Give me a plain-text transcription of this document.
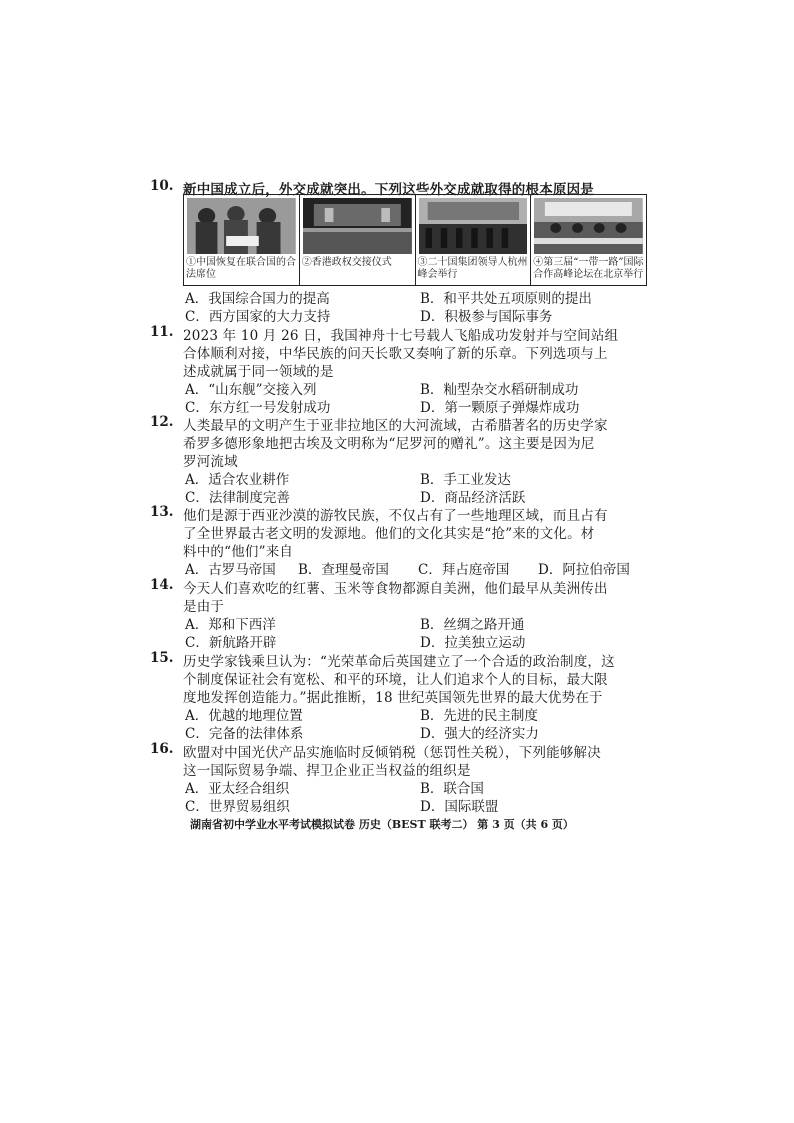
10. 新中国成立后，外交成就突出。下列这些外交成就取得的根本原因是
①中国恢复在联合国的合法席位
②香港政权交接仪式	③二十国集团领导人杭州峰会举行
④第三届“一带一路”国际合作高峰论坛在北京举行
A．我国综合国力的提高	B．和平共处五项原则的提出
C．西方国家的大力支持	D．积极参与国际事务
11. 2023 年 10 月 26 日，我国神舟十七号载人飞船成功发射并与空间站组
合体顺利对接，中华民族的问天长歌又奏响了新的乐章。下列选项与上
述成就属于同一领域的是
A．“山东舰”交接入列	B．籼型杂交水稻研制成功
C．东方红一号发射成功	D．第一颗原子弹爆炸成功
12. 人类最早的文明产生于亚非拉地区的大河流域，古希腊著名的历史学家
希罗多德形象地把古埃及文明称为“尼罗河的赠礼”。这主要是因为尼
罗河流域
A．适合农业耕作	B．手工业发达
C．法律制度完善	D．商品经济活跃
13. 他们是源于西亚沙漠的游牧民族，不仅占有了一些地理区域，而且占有
了全世界最古老文明的发源地。他们的文化其实是“抢”来的文化。材
料中的“他们”来自
A．古罗马帝国 B．查理曼帝国 C．拜占庭帝国 D．阿拉伯帝国
14. 今天人们喜欢吃的红薯、玉米等食物都源自美洲，他们最早从美洲传出
是由于
A．郑和下西洋	B．丝绸之路开通
C．新航路开辟	D．拉美独立运动
15. 历史学家钱乘旦认为：“光荣革命后英国建立了一个合适的政治制度，这
个制度保证社会有宽松、和平的环境，让人们追求个人的目标，最大限
度地发挥创造能力。”据此推断，18 世纪英国领先世界的最大优势在于
A．优越的地理位置	B．先进的民主制度
C．完备的法律体系	D．强大的经济实力
16. 欧盟对中国光伏产品实施临时反倾销税（惩罚性关税），下列能够解决
这一国际贸易争端、捍卫企业正当权益的组织是
A．亚太经合组织	B．联合国
C．世界贸易组织	D．国际联盟
湖南省初中学业水平考试模拟试卷 历史（BEST 联考二） 第 3 页（共 6 页）
